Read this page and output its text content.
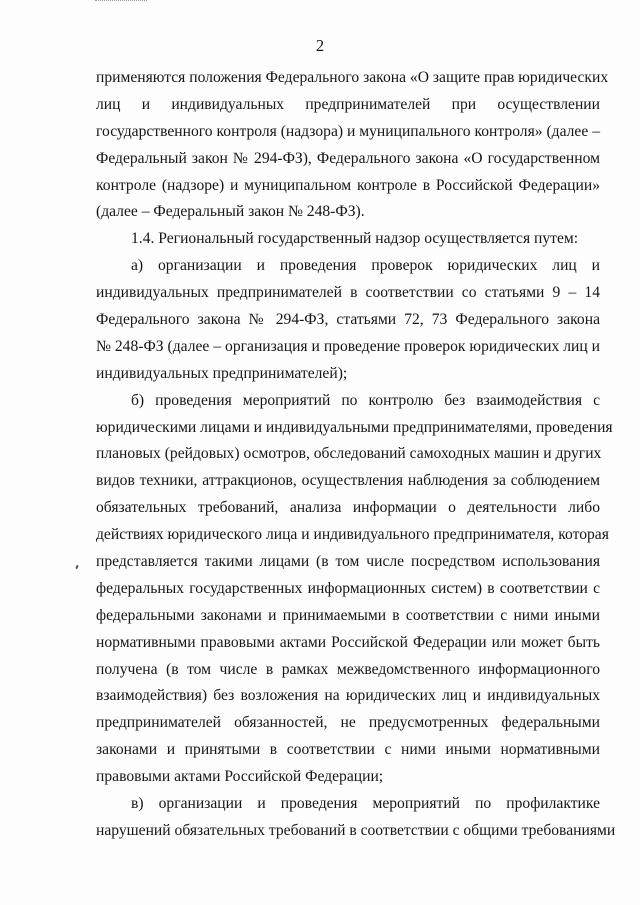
2
применяются положения Федерального закона «О защите прав юридических
лиц и индивидуальных предпринимателей при осуществлении
государственного контроля (надзора) и муниципального контроля» (далее –
Федеральный закон № 294-ФЗ), Федерального закона «О государственном
контроле (надзоре) и муниципальном контроле в Российской Федерации»
(далее – Федеральный закон № 248-ФЗ).
1.4. Региональный государственный надзор осуществляется путем:
а) организации и проведения проверок юридических лиц и
индивидуальных предпринимателей в соответствии со статьями 9 – 14
Федерального закона № 294-ФЗ, статьями 72, 73 Федерального закона
№ 248-ФЗ (далее – организация и проведение проверок юридических лиц и
индивидуальных предпринимателей);
б) проведения мероприятий по контролю без взаимодействия с
юридическими лицами и индивидуальными предпринимателями, проведения
плановых (рейдовых) осмотров, обследований самоходных машин и других
видов техники, аттракционов, осуществления наблюдения за соблюдением
обязательных требований, анализа информации о деятельности либо
действиях юридического лица и индивидуального предпринимателя, которая
представляется такими лицами (в том числе посредством использования
федеральных государственных информационных систем) в соответствии с
федеральными законами и принимаемыми в соответствии с ними иными
нормативными правовыми актами Российской Федерации или может быть
получена (в том числе в рамках межведомственного информационного
взаимодействия) без возложения на юридических лиц и индивидуальных
предпринимателей обязанностей, не предусмотренных федеральными
законами и принятыми в соответствии с ними иными нормативными
правовыми актами Российской Федерации;
в) организации и проведения мероприятий по профилактике
нарушений обязательных требований в соответствии с общими требованиями
